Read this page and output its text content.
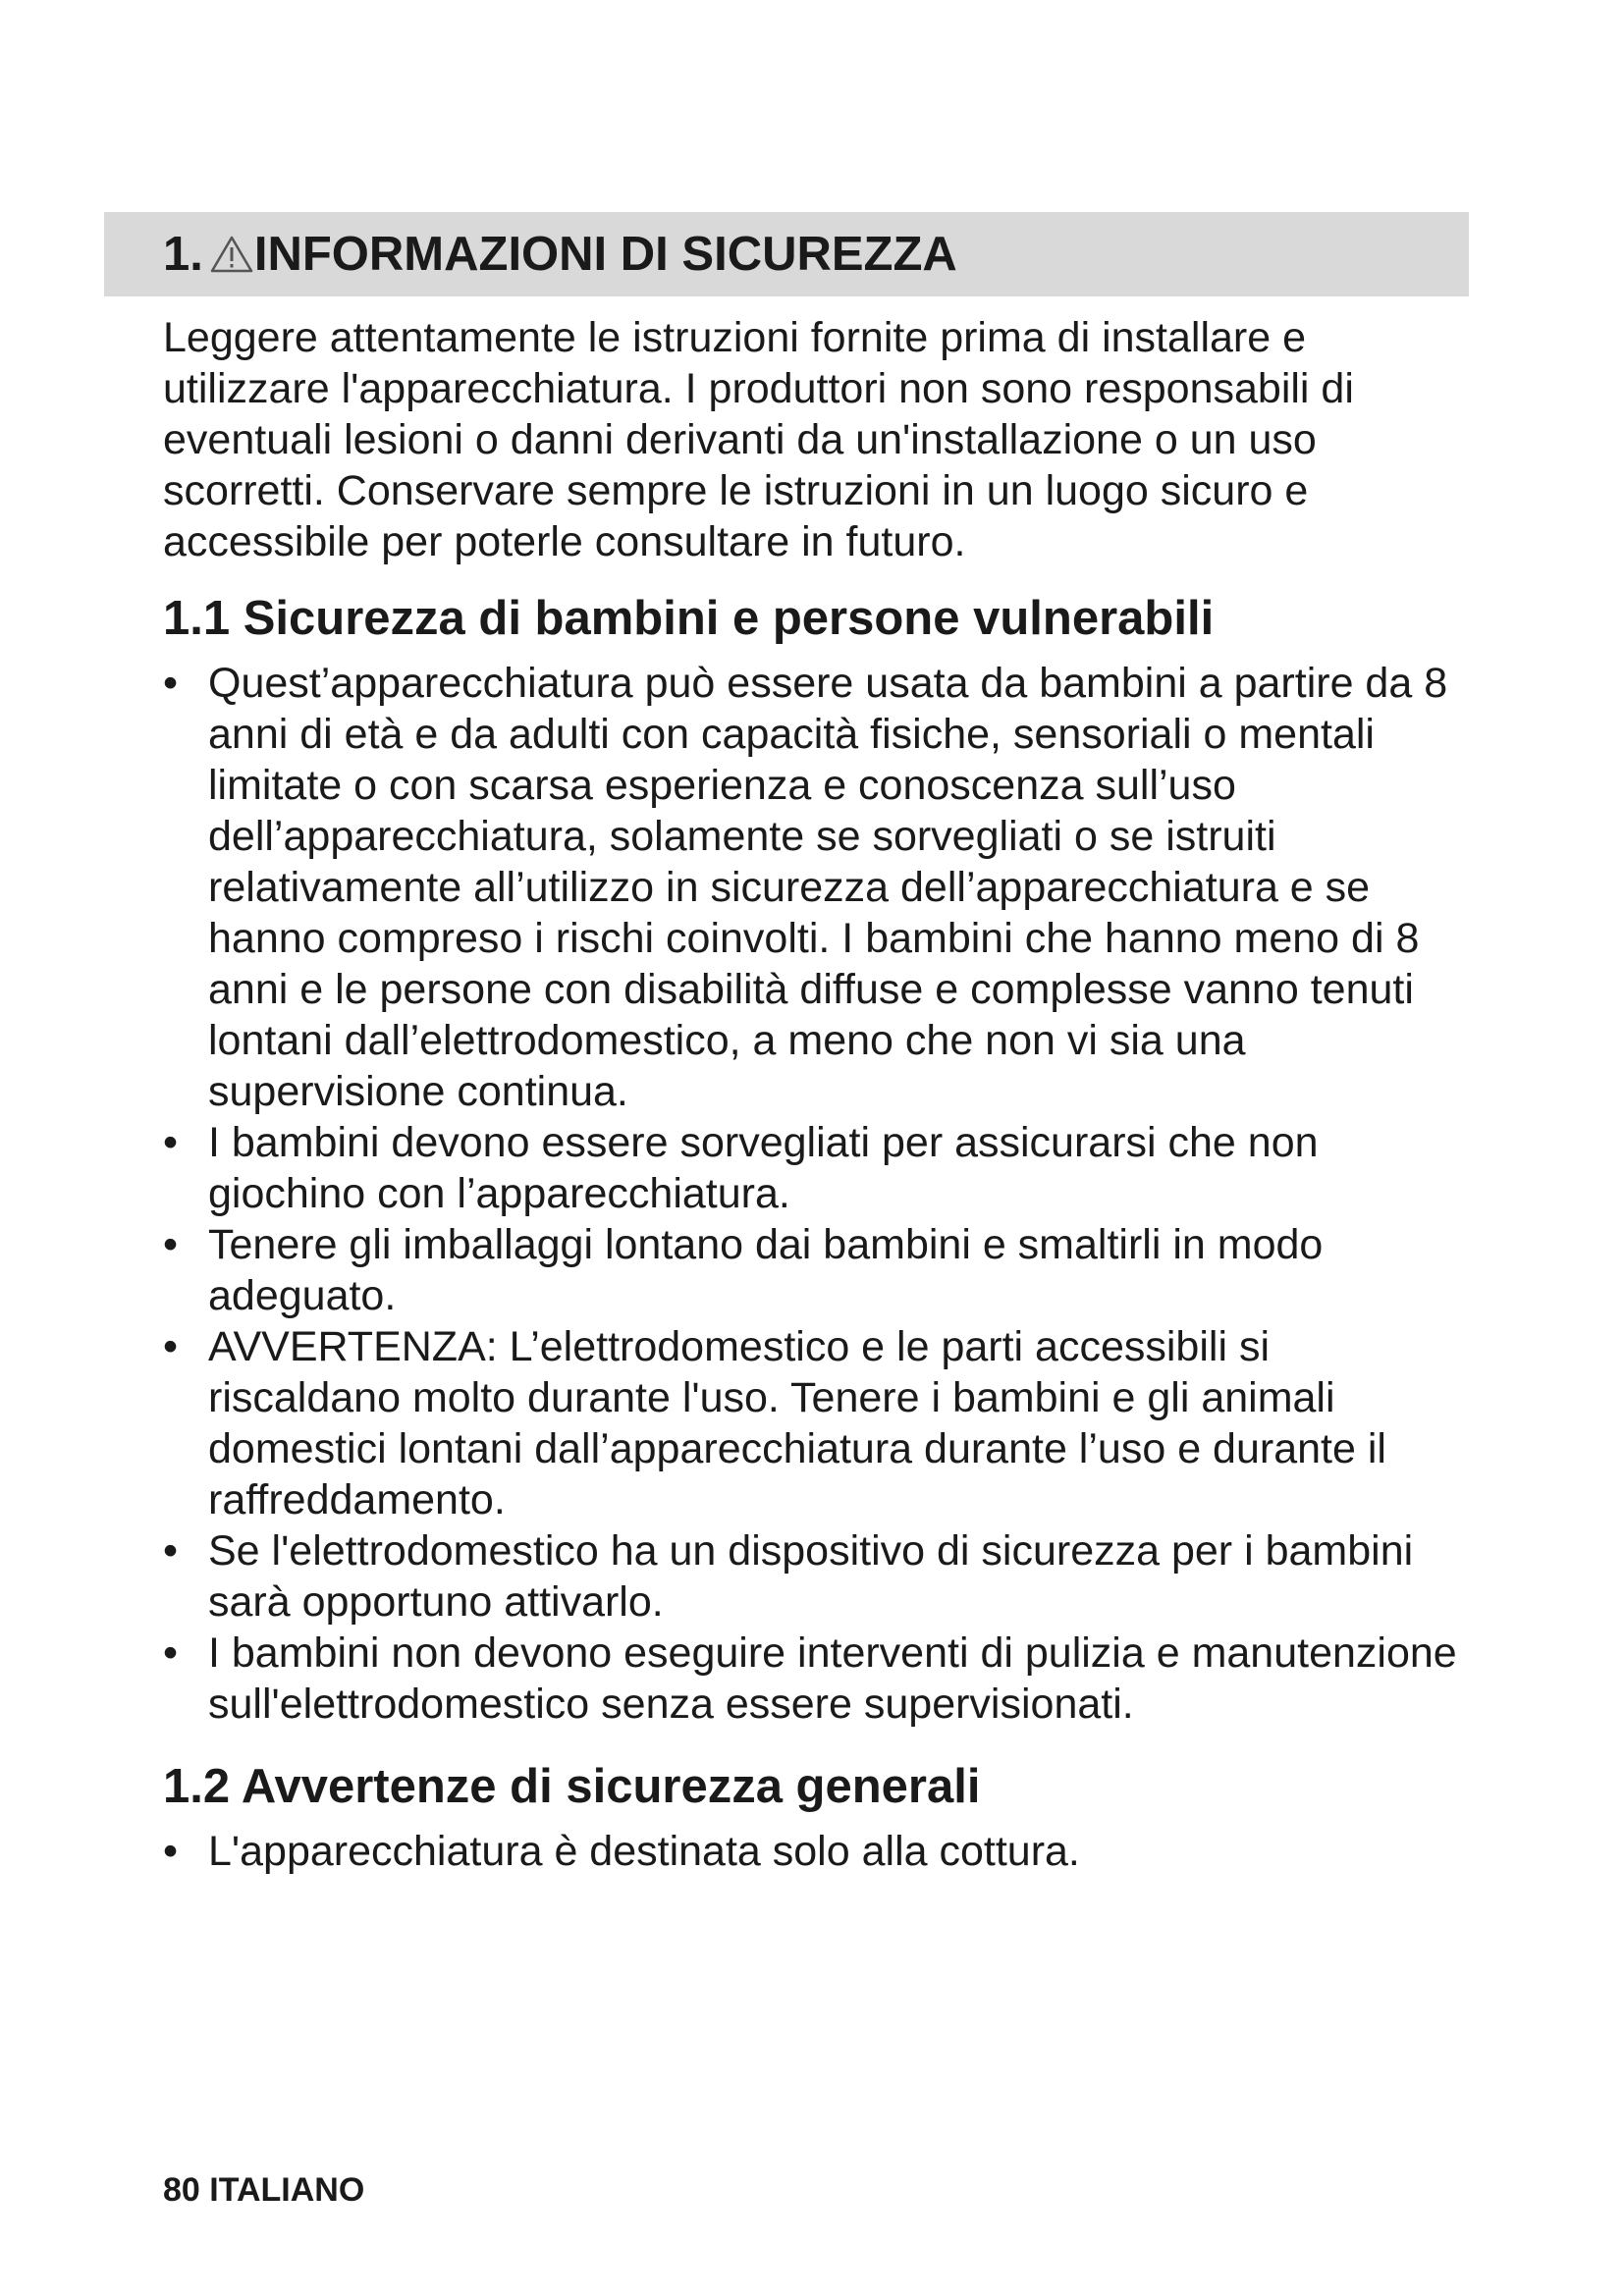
1. INFORMAZIONI DI SICUREZZA

Leggere attentamente le istruzioni fornite prima di installare e utilizzare l'apparecchiatura. I produttori non sono responsabili di eventuali lesioni o danni derivanti da un'installazione o un uso scorretti. Conservare sempre le istruzioni in un luogo sicuro e accessibile per poterle consultare in futuro.

1.1 Sicurezza di bambini e persone vulnerabili
• Quest’apparecchiatura può essere usata da bambini a partire da 8 anni di età e da adulti con capacità fisiche, sensoriali o mentali limitate o con scarsa esperienza e conoscenza sull’uso dell’apparecchiatura, solamente se sorvegliati o se istruiti relativamente all’utilizzo in sicurezza dell’apparecchiatura e se hanno compreso i rischi coinvolti. I bambini che hanno meno di 8 anni e le persone con disabilità diffuse e complesse vanno tenuti lontani dall’elettrodomestico, a meno che non vi sia una supervisione continua.
• I bambini devono essere sorvegliati per assicurarsi che non giochino con l’apparecchiatura.
• Tenere gli imballaggi lontano dai bambini e smaltirli in modo adeguato.
• AVVERTENZA: L’elettrodomestico e le parti accessibili si riscaldano molto durante l'uso. Tenere i bambini e gli animali domestici lontani dall’apparecchiatura durante l’uso e durante il raffreddamento.
• Se l'elettrodomestico ha un dispositivo di sicurezza per i bambini sarà opportuno attivarlo.
• I bambini non devono eseguire interventi di pulizia e manutenzione sull'elettrodomestico senza essere supervisionati.
1.2 Avvertenze di sicurezza generali
• L'apparecchiatura è destinata solo alla cottura.
80 ITALIANO
